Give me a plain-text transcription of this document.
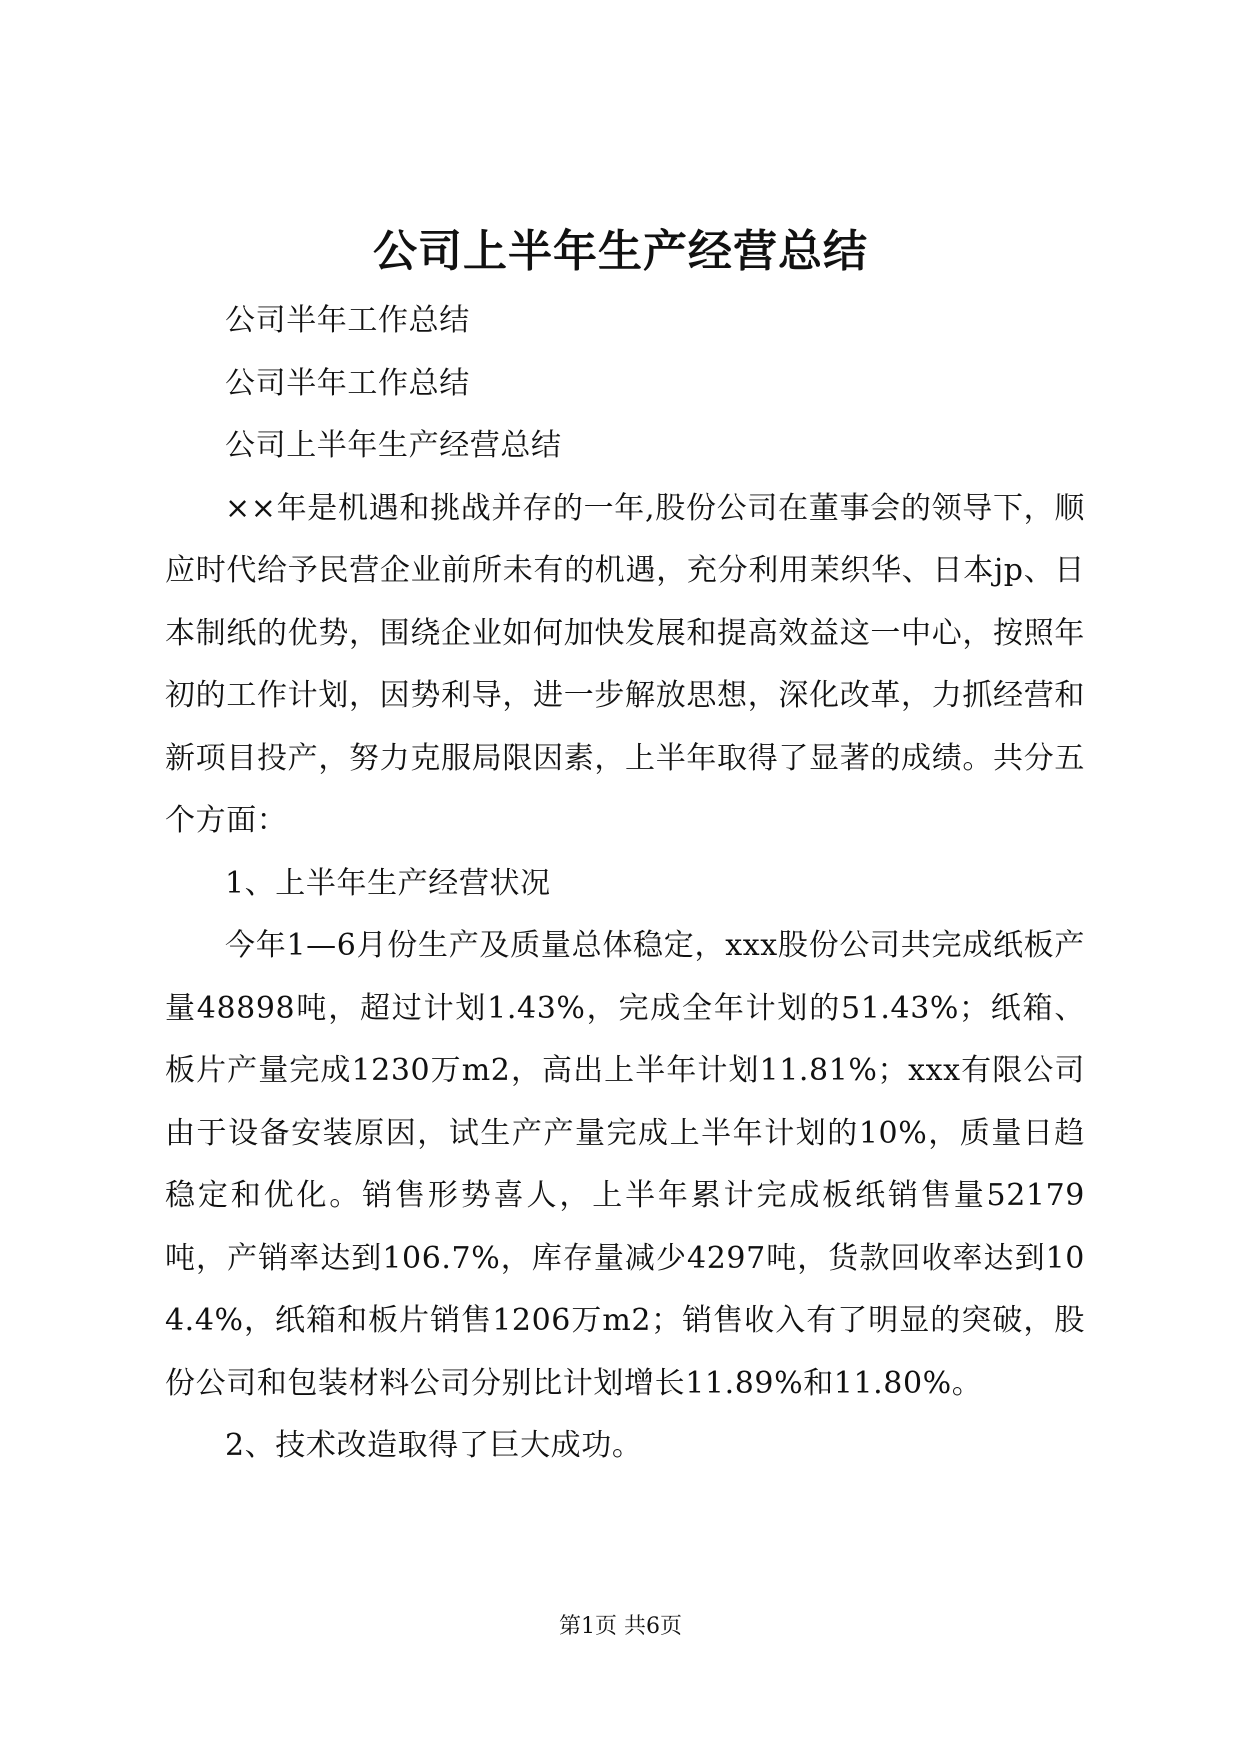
公司上半年生产经营总结

公司半年工作总结

公司半年工作总结

公司上半年生产经营总结

××年是机遇和挑战并存的一年,股份公司在董事会的领导下，顺应时代给予民营企业前所未有的机遇，充分利用茉织华、日本jp、日本制纸的优势，围绕企业如何加快发展和提高效益这一中心，按照年初的工作计划，因势利导，进一步解放思想，深化改革，力抓经营和新项目投产，努力克服局限因素，上半年取得了显著的成绩。共分五个方面：

1、上半年生产经营状况

今年1—6月份生产及质量总体稳定，xxx股份公司共完成纸板产量48898吨，超过计划1.43%，完成全年计划的51.43%；纸箱、板片产量完成1230万m2，高出上半年计划11.81%；xxx有限公司由于设备安装原因，试生产产量完成上半年计划的10%，质量日趋稳定和优化。销售形势喜人，上半年累计完成板纸销售量52179吨，产销率达到106.7%，库存量减少4297吨，货款回收率达到104.4%，纸箱和板片销售1206万m2；销售收入有了明显的突破，股份公司和包装材料公司分别比计划增长11.89%和11.80%。

2、技术改造取得了巨大成功。

第1页 共6页
